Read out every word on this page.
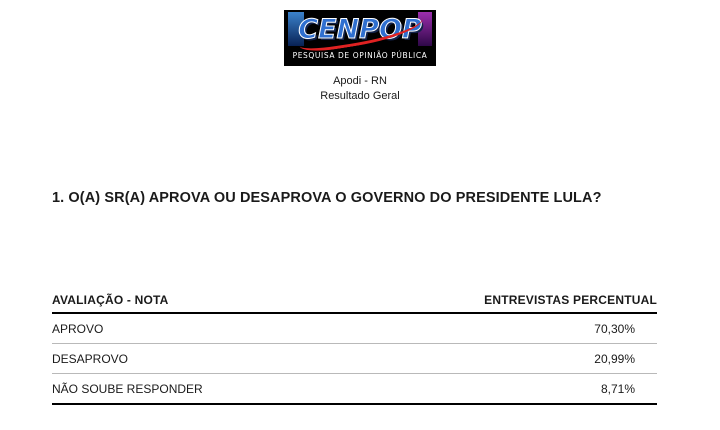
CENPOP
PESQUISA DE OPINIÃO PÚBLICA
Apodi - RN
Resultado Geral
1. O(A) SR(A) APROVA OU DESAPROVA O GOVERNO DO PRESIDENTE LULA?
AVALIAÇÃO - NOTA	ENTREVISTAS PERCENTUAL
APROVO	70,30%
DESAPROVO	20,99%
NÃO SOUBE RESPONDER	8,71%
